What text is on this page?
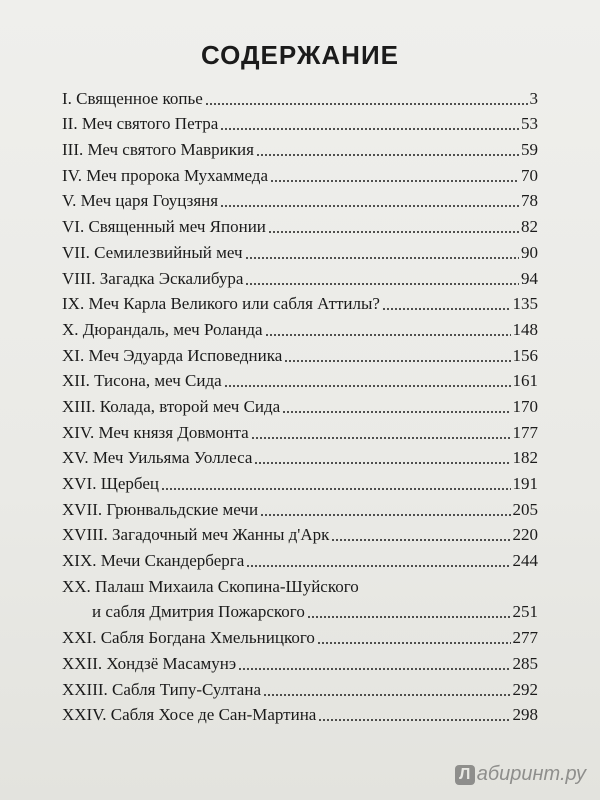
СОДЕРЖАНИЕ
I. Священное копье	3
II. Меч святого Петра	53
III. Меч святого Маврикия	59
IV. Меч пророка Мухаммеда	70
V. Меч царя Гоуцзяня	78
VI. Священный меч Японии	82
VII. Семилезвийный меч	90
VIII. Загадка Эскалибура	94
IX. Меч Карла Великого или сабля Аттилы?	135
X. Дюрандаль, меч Роланда	148
XI. Меч Эдуарда Исповедника	156
XII. Тисона, меч Сида	161
XIII. Колада, второй меч Сида	170
XIV. Меч князя Довмонта	177
XV. Меч Уильяма Уоллеса	182
XVI. Щербец	191
XVII. Грюнвальдские мечи	205
XVIII. Загадочный меч Жанны д'Арк	220
XIX. Мечи Скандерберга	244
XX. Палаш Михаила Скопина-Шуйского
и сабля Дмитрия Пожарского	251
XXI. Сабля Богдана Хмельницкого	277
XXII. Хондзё Масамунэ	285
XXIII. Сабля Типу-Султана	292
XXIV. Сабля Хосе де Сан-Мартина	298
Л абиринт.ру
